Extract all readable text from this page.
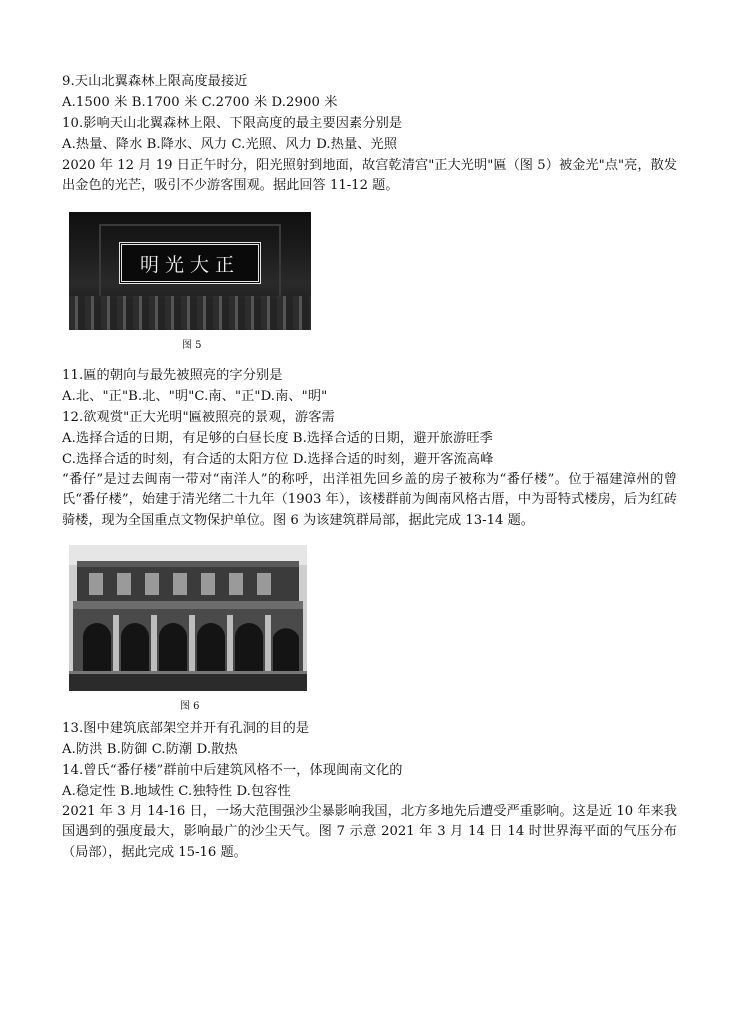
9.天山北翼森林上限高度最接近
A.1500 米 B.1700 米 C.2700 米 D.2900 米
10.影响天山北翼森林上限、下限高度的最主要因素分别是
A.热量、降水 B.降水、风力 C.光照、风力 D.热量、光照
2020 年 12 月 19 日正午时分，阳光照射到地面，故宫乾清宫"正大光明"匾（图 5）被金光"点"亮，散发出金色的光芒，吸引不少游客围观。据此回答 11-12 题。
明光大正
图 5
11.匾的朝向与最先被照亮的字分别是
A.北、"正"B.北、"明"C.南、"正"D.南、"明"
12.欲观赏"正大光明"匾被照亮的景观，游客需
A.选择合适的日期，有足够的白昼长度 B.选择合适的日期，避开旅游旺季
C.选择合适的时刻，有合适的太阳方位 D.选择合适的时刻，避开客流高峰
“番仔”是过去闽南一带对“南洋人”的称呼，出洋祖先回乡盖的房子被称为“番仔楼”。位于福建漳州的曾氏“番仔楼”，始建于清光绪二十九年（1903 年），该楼群前为闽南风格古厝，中为哥特式楼房，后为红砖骑楼，现为全国重点文物保护单位。图 6 为该建筑群局部，据此完成 13-14 题。
图 6
13.图中建筑底部架空并开有孔洞的目的是
A.防洪 B.防御 C.防潮 D.散热
14.曾氏“番仔楼”群前中后建筑风格不一，体现闽南文化的
A.稳定性 B.地域性 C.独特性 D.包容性
2021 年 3 月 14-16 日，一场大范围强沙尘暴影响我国，北方多地先后遭受严重影响。这是近 10 年来我国遇到的强度最大，影响最广的沙尘天气。图 7 示意 2021 年 3 月 14 日 14 时世界海平面的气压分布（局部），据此完成 15-16 题。
